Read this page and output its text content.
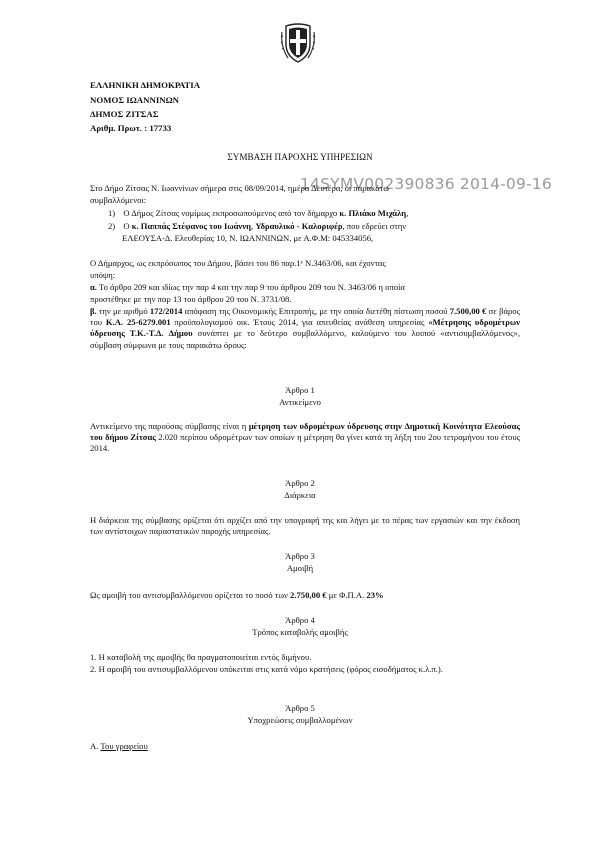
ΕΛΛΗΝΙΚΗ ΔΗΜΟΚΡΑΤΙΑ
ΝΟΜΟΣ ΙΩΑΝΝΙΝΩΝ
ΔΗΜΟΣ ΖΙΤΣΑΣ
Αριθμ. Πρωτ. : 17733
ΣΥΜΒΑΣΗ ΠΑΡΟΧΗΣ ΥΠΗΡΕΣΙΩΝ
14SYMV002390836 2014-09-16
Στο Δήμο Ζίτσας Ν. Ιωαννίνων σήμερα στις 08/09/2014, ημέρα Δευτέρα, οι παρακάτω
συμβαλλόμενοι:
1) Ο Δήμος Ζίτσας νομίμως εκπροσωπούμενος από τον δήμαρχο κ. Πλιάκο Μιχάλη,
2) Ο κ. Παππάς Στέφανος του Ιωάννη, Υδραυλικό - Καλοριφέρ, που εδρεύει στην
ΕΛΕΟΥΣΑ-Δ. Ελευθερίας 10, Ν. ΙΩΑΝΝΙΝΩΝ, με Α.Φ.Μ: 045334056,
Ο Δήμαρχος, ως εκπρόσωπος του Δήμου, βάσει του 86 παρ.1ᵉ Ν.3463/06, και έχοντας
υπόψη:
α. Το άρθρο 209 και ιδίως την παρ 4 και την παρ 9 του άρθρου 209 του Ν. 3463/06 η οποία
προστέθηκε με την παρ 13 του άρθρου 20 του Ν. 3731/08.
β. την με αριθμό 172/2014 απόφαση της Οικονομικής Επιτροπής, με την οποία διετέθη πίστωση ποσού 7.500,00 € σε βάρος του Κ.Α. 25-6279.001 προϋπολογισμού οικ. Έτους 2014, για απευθείας ανάθεση υπηρεσίας «Μέτρησης υδρομέτρων ύδρευσης Τ.Κ.-Τ.Δ. Δήμου συνάπτει με το δεύτερο συμβαλλόμενο, καλούμενο του λοιπού «αντισυμβαλλόμενος», σύμβαση σύμφωνα με τους παρακάτω όρους:
Άρθρο 1
Αντικείμενο
Αντικείμενο της παρούσας σύμβασης είναι η μέτρηση των υδρομέτρων ύδρευσης στην Δημοτική Κοινότητα Ελεούσας του δήμου Ζίτσας 2.020 περίπου υδρομέτρων των οποίων η μέτρηση θα γίνει κατά τη λήξη του 2ου τετραμήνου του έτους 2014.
Άρθρο 2
Διάρκεια
Η διάρκεια της σύμβασης ορίζεται ότι αρχίζει από την υπογραφή της και λήγει με το πέρας των εργασιών και την έκδοση των αντίστοιχων παραστατικών παροχής υπηρεσίας.
Άρθρο 3
Αμοιβή
Ως αμοιβή του αντισυμβαλλόμενου ορίζεται το ποσό των 2.750,00 € με Φ.Π.Α. 23%
Άρθρο 4
Τρόπος καταβολής αμοιβής
1. Η καταβολή της αμοιβής θα πραγματοποιείται εντός διμήνου.
2. Η αμοιβή του αντισυμβαλλόμενου υπόκειται στις κατά νόμο κρατήσεις (φόρος εισοδήματος κ.λ.π.).
Άρθρο 5
Υποχρεώσεις συμβαλλομένων
Α. Του γραφείου
